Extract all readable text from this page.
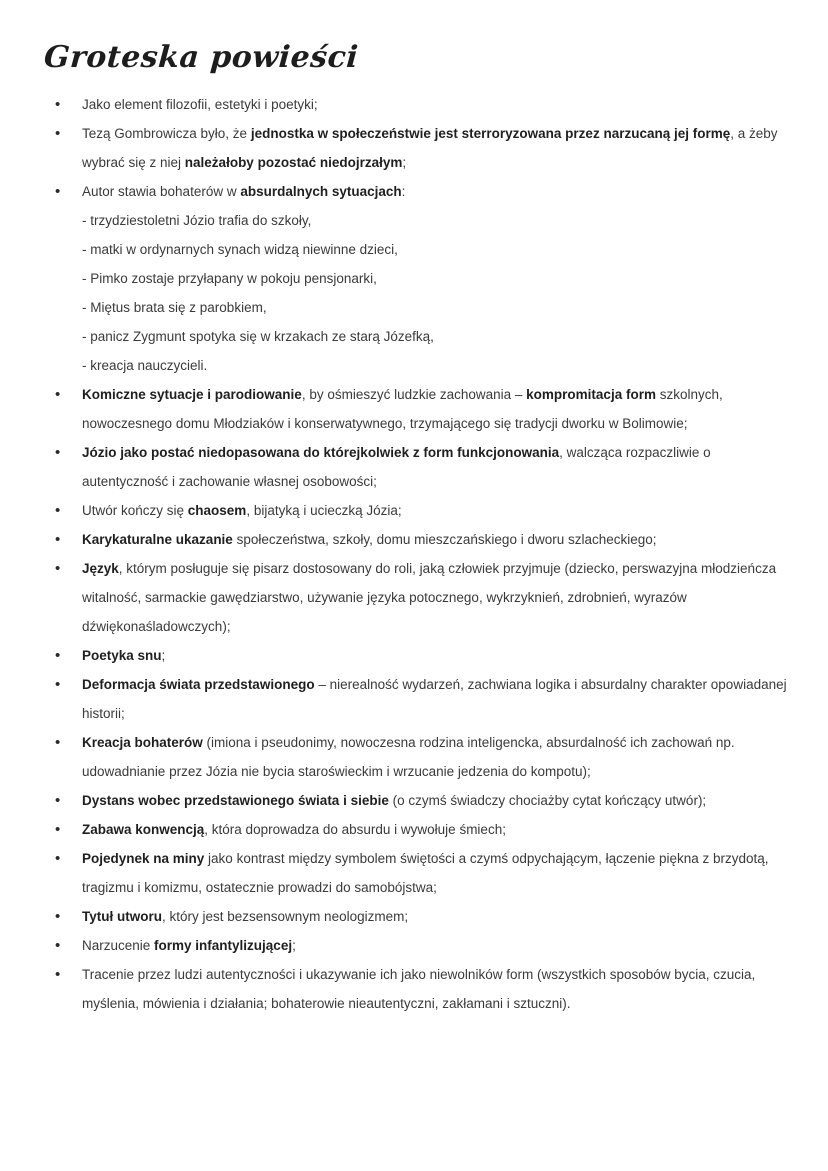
Groteska powieści
•	Jako element filozofii, estetyki i poetyki;
•	Tezą Gombrowicza było, że jednostka w społeczeństwie jest sterroryzowana przez narzucaną jej formę, a żeby wybrać się z niej należałoby pozostać niedojrzałym;
•	Autor stawia bohaterów w absurdalnych sytuacjach:
- trzydziestoletni Józio trafia do szkoły,
- matki w ordynarnych synach widzą niewinne dzieci,
- Pimko zostaje przyłapany w pokoju pensjonarki,
- Miętus brata się z parobkiem,
- panicz Zygmunt spotyka się w krzakach ze starą Józefką,
- kreacja nauczycieli.
•	Komiczne sytuacje i parodiowanie, by ośmieszyć ludzkie zachowania – kompromitacja form szkolnych, nowoczesnego domu Młodziaków i konserwatywnego, trzymającego się tradycji dworku w Bolimowie;
•	Józio jako postać niedopasowana do którejkolwiek z form funkcjonowania, walcząca rozpaczliwie o autentyczność i zachowanie własnej osobowości;
•	Utwór kończy się chaosem, bijatyką i ucieczką Józia;
•	Karykaturalne ukazanie społeczeństwa, szkoły, domu mieszczańskiego i dworu szlacheckiego;
•	Język, którym posługuje się pisarz dostosowany do roli, jaką człowiek przyjmuje (dziecko, perswazyjna młodzieńcza witalność, sarmackie gawędziarstwo, używanie języka potocznego, wykrzyknień, zdrobnień, wyrazów dźwiękonaśladowczych);
•	Poetyka snu;
•	Deformacja świata przedstawionego – nierealność wydarzeń, zachwiana logika i absurdalny charakter opowiadanej historii;
•	Kreacja bohaterów (imiona i pseudonimy, nowoczesna rodzina inteligencka, absurdalność ich zachowań np. udowadnianie przez Józia nie bycia staroświeckim i wrzucanie jedzenia do kompotu);
•	Dystans wobec przedstawionego świata i siebie (o czymś świadczy chociażby cytat kończący utwór);
•	Zabawa konwencją, która doprowadza do absurdu i wywołuje śmiech;
•	Pojedynek na miny jako kontrast między symbolem świętości a czymś odpychającym, łączenie piękna z brzydotą, tragizmu i komizmu, ostatecznie prowadzi do samobójstwa;
•	Tytuł utworu, który jest bezsensownym neologizmem;
•	Narzucenie formy infantylizującej;
•	Tracenie przez ludzi autentyczności i ukazywanie ich jako niewolników form (wszystkich sposobów bycia, czucia, myślenia, mówienia i działania; bohaterowie nieautentyczni, zakłamani i sztuczni).
